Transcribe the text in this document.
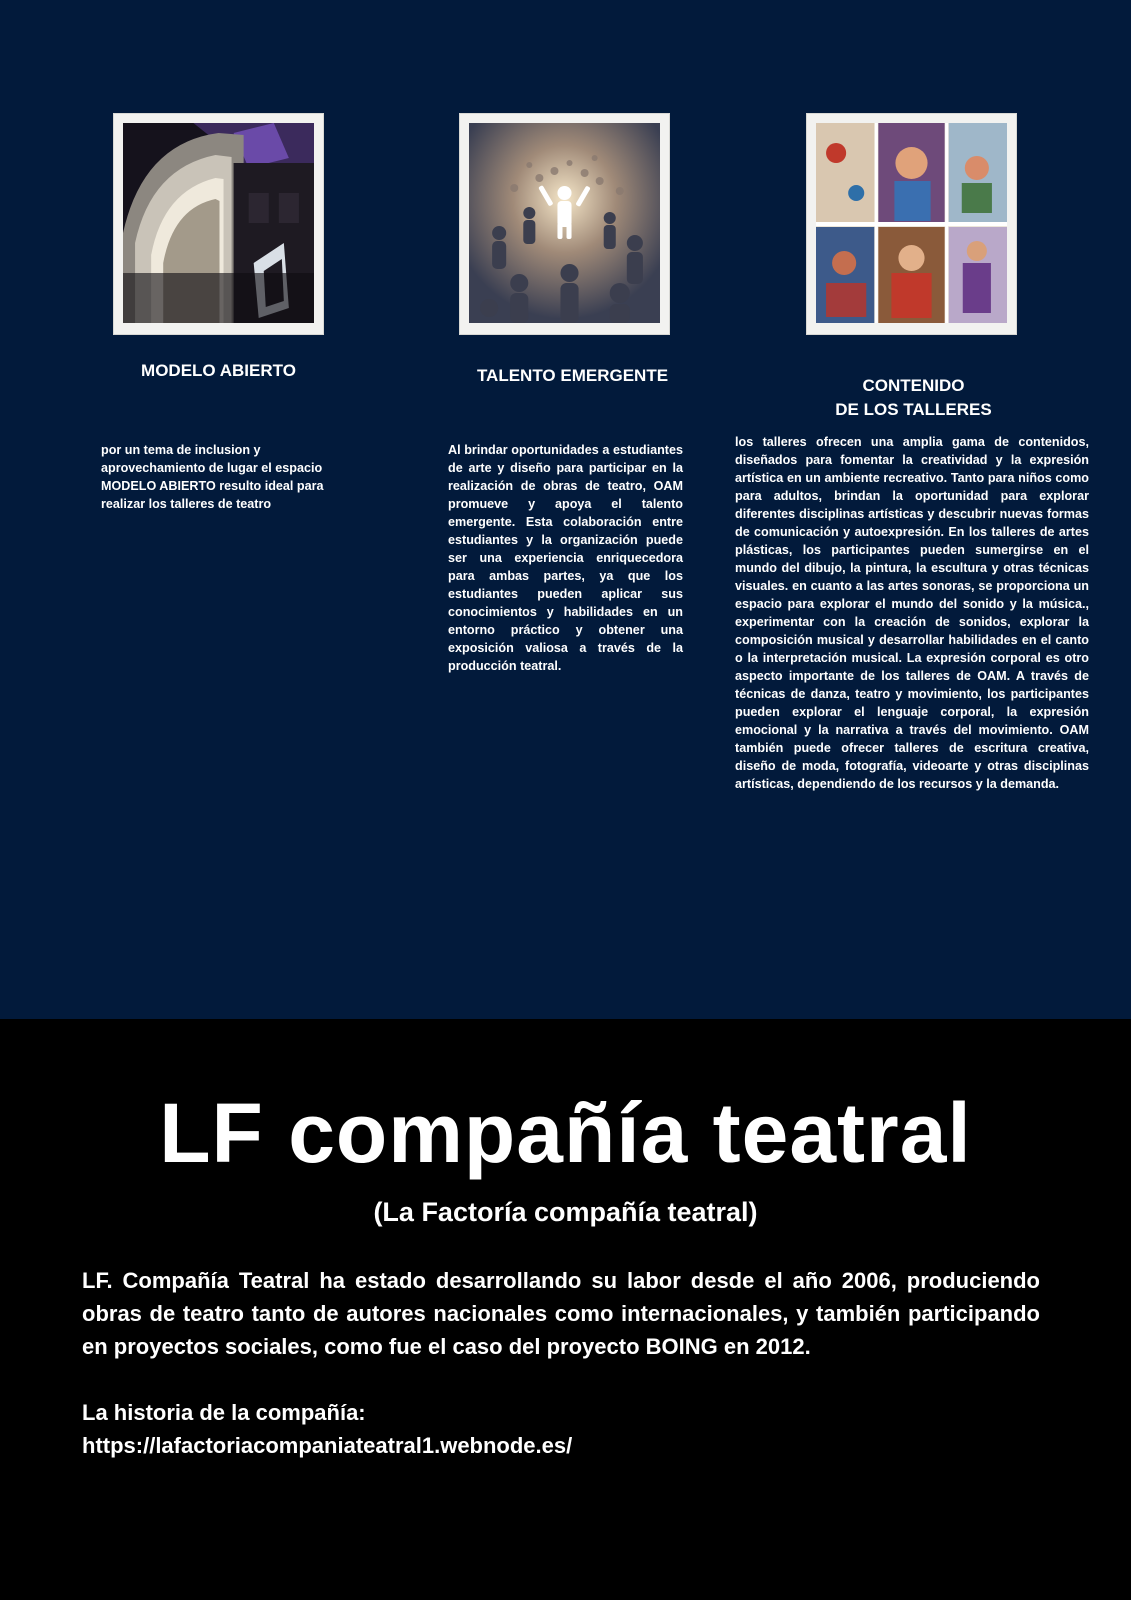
MODELO ABIERTO
por un tema de inclusion y aprovechamiento de lugar el espacio MODELO ABIERTO resulto ideal para realizar los talleres de teatro
TALENTO EMERGENTE
Al brindar oportunidades a estudiantes de arte y diseño para participar en la realización de obras de teatro, OAM promueve y apoya el talento emergente. Esta colaboración entre estudiantes y la organización puede ser una experiencia enriquecedora para ambas partes, ya que los estudiantes pueden aplicar sus conocimientos y habilidades en un entorno práctico y obtener una exposición valiosa a través de la producción teatral.
CONTENIDO
DE LOS TALLERES
los talleres ofrecen una amplia gama de contenidos, diseñados para fomentar la creatividad y la expresión artística en un ambiente recreativo. Tanto para niños como para adultos, brindan la oportunidad para explorar diferentes disciplinas artísticas y descubrir nuevas formas de comunicación y autoexpresión. En los talleres de artes plásticas, los participantes pueden sumergirse en el mundo del dibujo, la pintura, la escultura y otras técnicas visuales. en cuanto a las artes sonoras, se proporciona un espacio para explorar el mundo del sonido y la música., experimentar con la creación de sonidos, explorar la composición musical y desarrollar habilidades en el canto o la interpretación musical. La expresión corporal es otro aspecto importante de los talleres de OAM. A través de técnicas de danza, teatro y movimiento, los participantes pueden explorar el lenguaje corporal, la expresión emocional y la narrativa a través del movimiento. OAM también puede ofrecer talleres de escritura creativa, diseño de moda, fotografía, videoarte y otras disciplinas artísticas, dependiendo de los recursos y la demanda.
LF compañía teatral
(La Factoría compañía teatral)
LF. Compañía Teatral ha estado desarrollando su labor desde el año 2006, produciendo obras de teatro tanto de autores nacionales como internacionales, y también participando en proyectos sociales, como fue el caso del proyecto BOING en 2012.
La historia de la compañía:
https://lafactoriacompaniateatral1.webnode.es/
